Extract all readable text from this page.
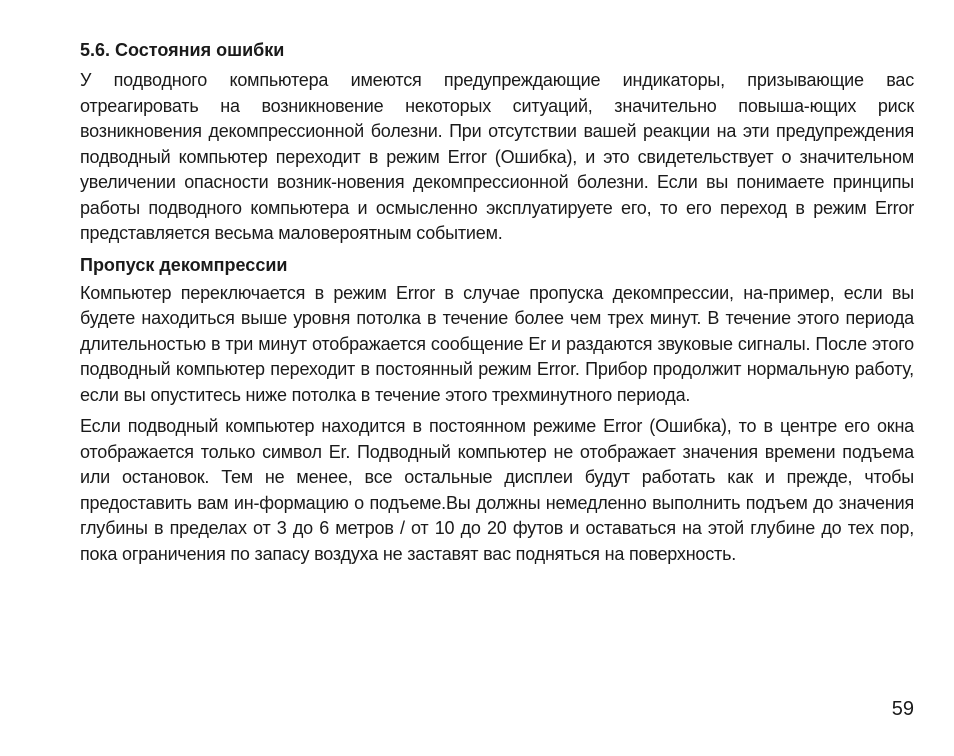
5.6. Состояния ошибки

У подводного компьютера имеются предупреждающие индикаторы, призывающие вас отреагировать на возникновение некоторых ситуаций, значительно повыша-ющих риск возникновения декомпрессионной болезни. При отсутствии вашей реакции на эти предупреждения подводный компьютер переходит в режим Error (Ошибка), и это свидетельствует о значительном увеличении опасности возник-новения декомпрессионной болезни. Если вы понимаете принципы работы подводного компьютера и осмысленно эксплуатируете его, то его переход в режим Error представляется весьма маловероятным событием.

Пропуск декомпрессии

Компьютер переключается в режим Error в случае пропуска декомпрессии, на-пример, если вы будете находиться выше уровня потолка в течение более чем трех минут. В течение этого периода длительностью в три минут отображается сообщение Er и раздаются звуковые сигналы. После этого подводный компьютер переходит в постоянный режим Error. Прибор продолжит нормальную работу, если вы опуститесь ниже потолка в течение этого трехминутного периода.

Если подводный компьютер находится в постоянном режиме Error (Ошибка), то в центре его окна отображается только символ Er. Подводный компьютер не отображает значения времени подъема или остановок. Тем не менее, все остальные дисплеи будут работать как и прежде, чтобы предоставить вам ин-формацию о подъеме.Вы должны немедленно выполнить подъем до значения глубины в пределах от 3 до 6 метров / от 10 до 20 футов и оставаться на этой глубине до тех пор, пока ограничения по запасу воздуха не заставят вас подняться на поверхность.

59
